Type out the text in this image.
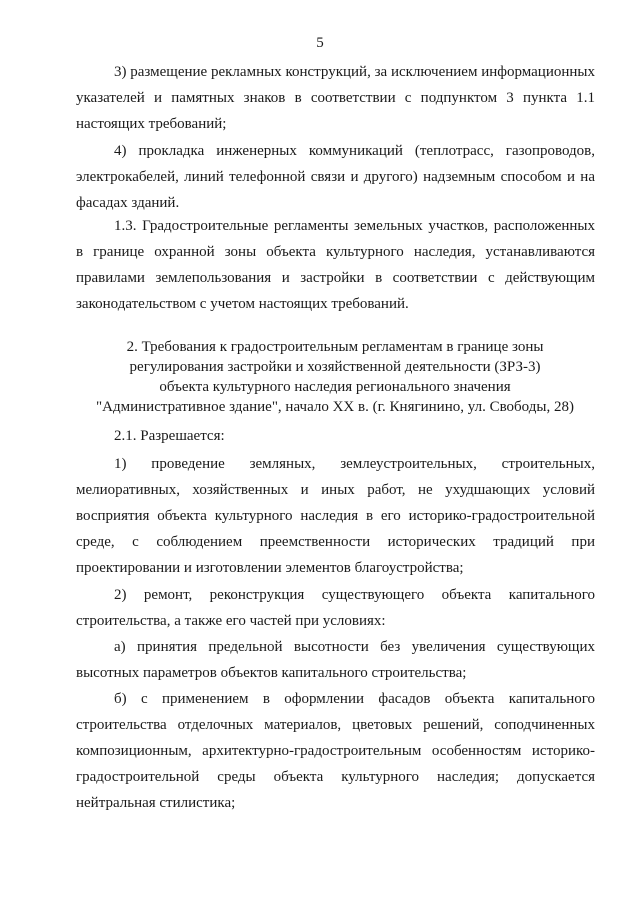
5

3) размещение рекламных конструкций, за исключением информационных указателей и памятных знаков в соответствии с подпунктом 3 пункта 1.1 настоящих требований;

4) прокладка инженерных коммуникаций (теплотрасс, газопроводов, электрокабелей, линий телефонной связи и другого) надземным способом и на фасадах зданий.

1.3. Градостроительные регламенты земельных участков, расположенных в границе охранной зоны объекта культурного наследия, устанавливаются правилами землепользования и застройки в соответствии с действующим законодательством с учетом настоящих требований.

2. Требования к градостроительным регламентам в границе зоны
регулирования застройки и хозяйственной деятельности (ЗРЗ-3)
объекта культурного наследия регионального значения
"Административное здание", начало XX в. (г. Княгинино, ул. Свободы, 28)

2.1. Разрешается:

1) проведение земляных, землеустроительных, строительных, мелиоративных, хозяйственных и иных работ, не ухудшающих условий восприятия объекта культурного наследия в его историко-градостроительной среде, с соблюдением преемственности исторических традиций при проектировании и изготовлении элементов благоустройства;

2) ремонт, реконструкция существующего объекта капитального строительства, а также его частей при условиях:

а) принятия предельной высотности без увеличения существующих высотных параметров объектов капитального строительства;

б) с применением в оформлении фасадов объекта капитального строительства отделочных материалов, цветовых решений, соподчиненных композиционным, архитектурно-градостроительным особенностям историко-градостроительной среды объекта культурного наследия; допускается нейтральная стилистика;
